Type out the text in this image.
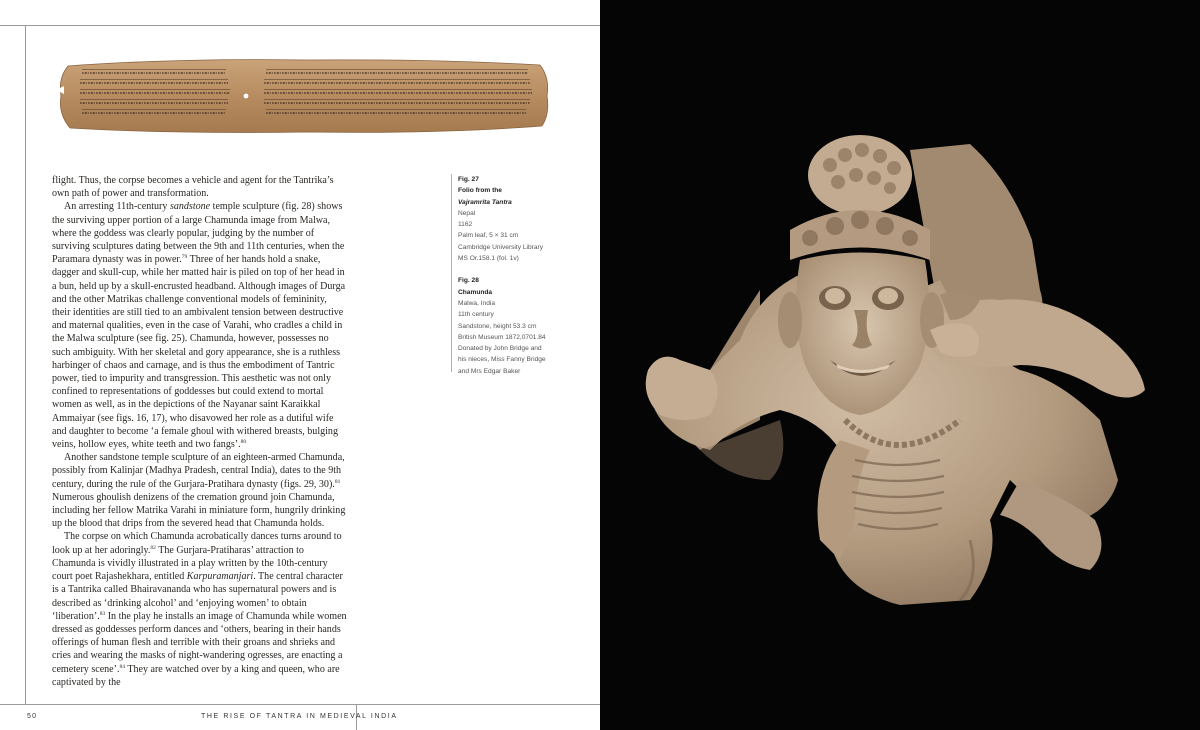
flight. Thus, the corpse becomes a vehicle and agent for the Tantrika’s own path of power and transformation.

An arresting 11th-century sandstone temple sculpture (fig. 28) shows the surviving upper portion of a large Chamunda image from Malwa, where the goddess was clearly popular, judging by the number of surviving sculptures dating between the 9th and 11th centuries, when the Paramara dynasty was in power.$^{79}$ Three of her hands hold a snake, dagger and skull-cup, while her matted hair is piled on top of her head in a bun, held up by a skull-encrusted headband. Although images of Durga and the other Matrikas challenge conventional models of femininity, their identities are still tied to an ambivalent tension between destructive and maternal qualities, even in the case of Varahi, who cradles a child in the Malwa sculpture (see fig. 25). Chamunda, however, possesses no such ambiguity. With her skeletal and gory appearance, she is a ruthless harbinger of chaos and carnage, and is thus the embodiment of Tantric power, tied to impurity and transgression. This aesthetic was not only confined to representations of goddesses but could extend to mortal women as well, as in the depictions of the Nayanar saint Karaikkal Ammaiyar (see figs. 16, 17), who disavowed her role as a dutiful wife and daughter to become ‘a female ghoul with withered breasts, bulging veins, hollow eyes, white teeth and two fangs’.$^{80}$

Another sandstone temple sculpture of an eighteen-armed Chamunda, possibly from Kalinjar (Madhya Pradesh, central India), dates to the 9th century, during the rule of the Gurjara-Pratihara dynasty (figs. 29, 30).$^{81}$ Numerous ghoulish denizens of the cremation ground join Chamunda, including her fellow Matrika Varahi in miniature form, hungrily drinking up the blood that drips from the severed head that Chamunda holds.

The corpse on which Chamunda acrobatically dances turns around to look up at her adoringly.$^{82}$ The Gurjara-Pratiharas’ attraction to Chamunda is vividly illustrated in a play written by the 10th-century court poet Rajashekhara, entitled Karpuramanjari. The central character is a Tantrika called Bhairavananda who has supernatural powers and is described as ‘drinking alcohol’ and ‘enjoying women’ to obtain ‘liberation’.$^{83}$ In the play he installs an image of Chamunda while women dressed as goddesses perform dances and ‘others, bearing in their hands offerings of human flesh and terrible with their groans and shrieks and cries and wearing the masks of night-wandering ogresses, are enacting a cemetery scene’.$^{84}$ They are watched over by a king and queen, who are captivated by the

Fig. 27
Folio from the
Vajramrita Tantra
Nepal
1162
Palm leaf, 5 × 31 cm
Cambridge University Library
MS Or.158.1 (fol. 1v)
Fig. 28
Chamunda
Malwa, India
11th century
Sandstone, height 53.3 cm
British Museum 1872,0701.84
Donated by John Bridge and
his nieces, Miss Fanny Bridge
and Mrs Edgar Baker
50	THE RISE OF TANTRA IN MEDIEVAL INDIA
